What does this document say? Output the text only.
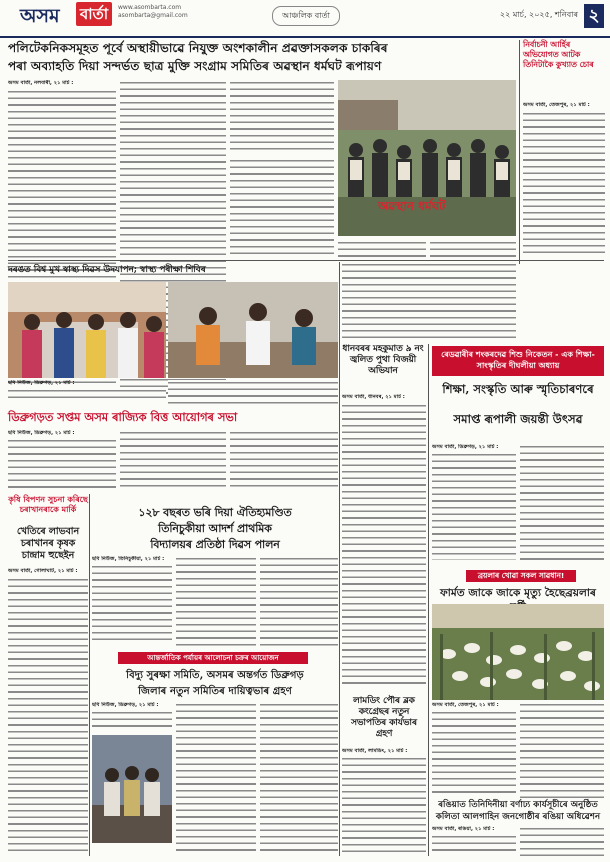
অসম বাৰ্তা	www.asombarta.com
asombarta@gmail.com	আঞ্চলিক বাৰ্তা	২২ মাৰ্চ, ২০২৫, শনিবাৰ ২
পলিটেকনিকসমূহত পূৰ্বে অস্থায়ীভাৱে নিযুক্ত অংশকালীন প্ৰৱক্তাসকলক চাকৰিৰ
পৰা অব্যাহতি দিয়া সন্দৰ্ভত ছাত্ৰ মুক্তি সংগ্ৰাম সমিতিৰ অৱস্থান ধৰ্মঘট ৰূপায়ণ
অসম বাৰ্তা, নলবাৰী, ২১ মাৰ্চ :
অৱস্থান ধৰ্মঘট
নিৰ্বাচনী আৰ্হিৰ অভিযোগত আটক তিনিটাকৈ কুখ্যাত চোৰ
অসম বাৰ্তা, তেজপুৰ, ২১ মাৰ্চ :
দৰঙত বিশ্ব মুখ স্বাস্থ্য দিৱস উদযাপন; স্বাস্থ্য পৰীক্ষা শিবিৰ
ছবি নিউজ, ডিব্ৰুগড়, ২১ মাৰ্চ :
ধানবৰৰ মহকুমাত ৯ নং জ্বলিত পুথা বিজয়ী অভিযান
অসম বাৰ্তা, ধানবৰ, ২১ মাৰ্চ :
ডিব্ৰুগড়ত সপ্তম অসম ৰাজ্যিক বিত্ত আয়োগৰ সভা
ছবি নিউজ, ডিব্ৰুগড়, ২১ মাৰ্চ :
কৃষি বিপণন সুচনা কৰিছে চৰাখানৰাকে মাৰ্কি
খেতিৰে লাভবান চৰাখানৰ কৃষক চান্দ্ৰাম হুছেইন
অসম বাৰ্তা, গোলাঘাট, ২১ মাৰ্চ :
১২৮ বছৰত ভৰি দিয়া ঐতিহ্যমণ্ডিত
তিনিচুকীয়া আদৰ্শ প্ৰাথমিক
বিদ্যালয়ৰ প্ৰতিষ্ঠা দিৱস পালন
ছবি নিউজ, তিনিচুকীয়া, ২১ মাৰ্চ :
আন্তৰ্জাতিক পৰ্যায়ৰ আলোচনা চক্ৰৰ আয়োজন
বিদ্যু সুৰক্ষা সমিতি, অসমৰ অন্তৰ্গত ডিব্ৰুগড়
জিলাৰ নতুন সমিতিৰ দায়িত্বভাৰ গ্ৰহণ
ছবি নিউজ, ডিব্ৰুগড়, ২১ মাৰ্চ :
ৰেডৱাৰীৰ শংকৰদেৱ শিশু নিকেতন - এক শিক্ষা-সাংস্কৃতিৰ দীঘলীয়া অধ্যায়
শিক্ষা, সংস্কৃতি আৰু স্মৃতিচাৰণৰে
সমাপ্ত ৰূপালী জয়ন্তী উৎসৱ
অসম বাৰ্তা, ডিব্ৰুগড়, ২১ মাৰ্চ :
লামডিং পৌৰ ব্লক কংগ্ৰেছৰ নতুন সভাপতিৰ কাৰ্যভাৰ গ্ৰহণ
অসম বাৰ্তা, লামডিং, ২১ মাৰ্চ :
ব্ৰয়লাৰ খোৱা সকল সাৱধান!
ফাৰ্মত জাকে জাকে মৃত্যু হৈছেব্ৰয়লাৰ
অসম বাৰ্তা, তেজপুৰ, ২১ মাৰ্চ :
ৰঙিয়াত তিনিদিনীয়া বৰ্ণাঢ্য কাৰ্যসূচীৰে অনুষ্ঠিত
কলিতা আলগাহিন জনগোষ্ঠীৰ ৰঙিয়া অধিৱেশন
অসম বাৰ্তা, ৰঙিয়া, ২১ মাৰ্চ :
